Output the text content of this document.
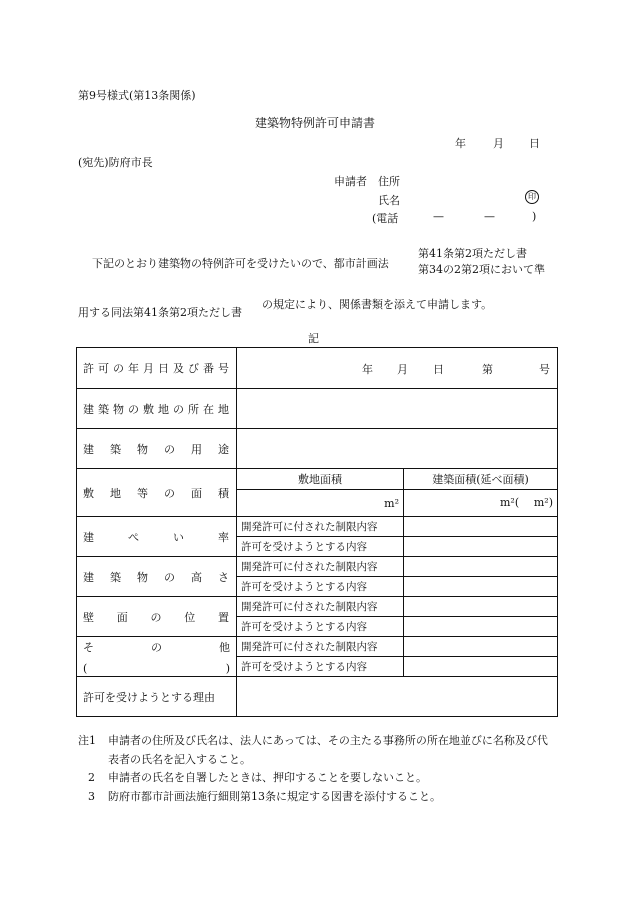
第9号様式(第13条関係)
建築物特例許可申請書
年 月 日
(宛先)防府市長
申請者 住所
氏名	印
(電話	—	—	)
下記のとおり建築物の特例許可を受けたいので、都市計画法
第41条第2項ただし書
第34の2第2項において準
用する同法第41条第2項ただし書
の規定により、関係書類を添えて申請します。
記
許可の年月日及び番号	年 月 日 第 号	

建築物の敷地の所在地		
建築物の用途		
敷地等の面積	敷地面積	建築面積(延べ面積)
	m²	m²( m²)

建ぺい率	開発許可に付された制限内容	
	許可を受けようとする内容	
建築物の高さ	開発許可に付された制限内容	
	許可を受けようとする内容	
壁面の位置	開発許可に付された制限内容	
	許可を受けようとする内容	

そ の 他
( )	開発許可に付された制限内容	
	許可を受けようとする内容	
許可を受けようとする理由		
注1 申請者の住所及び氏名は、法人にあっては、その主たる事務所の所在地並びに名称及び代表者の氏名を記入すること。
2 申請者の氏名を自署したときは、押印することを要しないこと。
3 防府市都市計画法施行細則第13条に規定する図書を添付すること。
